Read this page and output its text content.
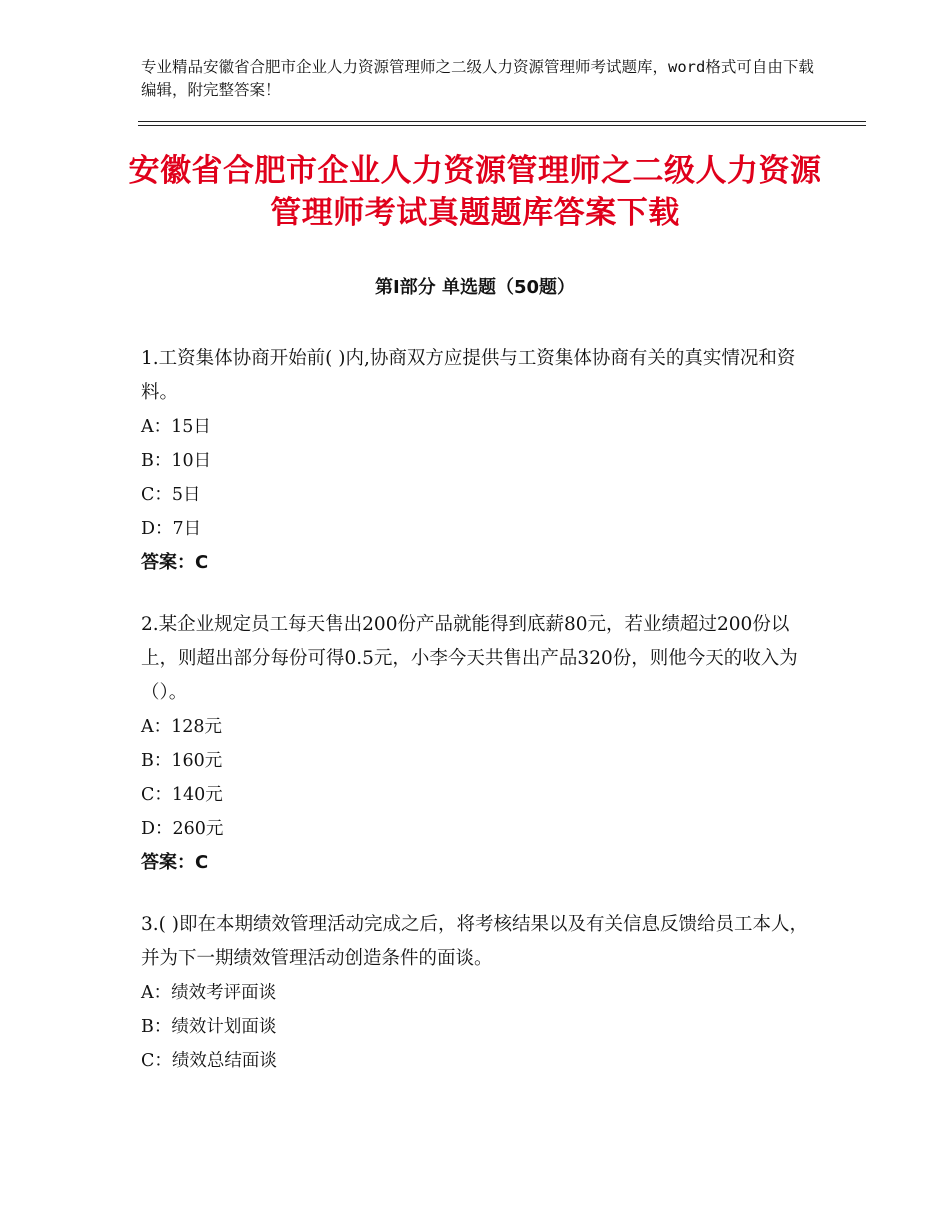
专业精品安徽省合肥市企业人力资源管理师之二级人力资源管理师考试题库，word格式可自由下载编辑，附完整答案！
安徽省合肥市企业人力资源管理师之二级人力资源管理师考试真题题库答案下载
第Ⅰ部分 单选题（50题）

1.工资集体协商开始前( )内,协商双方应提供与工资集体协商有关的真实情况和资料。

A：15日

B：10日

C：5日

D：7日

答案：C

2.某企业规定员工每天售出200份产品就能得到底薪80元，若业绩超过200份以上，则超出部分每份可得0.5元，小李今天共售出产品320份，则他今天的收入为（）。

A：128元

B：160元

C：140元

D：260元

答案：C

3.( )即在本期绩效管理活动完成之后，将考核结果以及有关信息反馈给员工本人，并为下一期绩效管理活动创造条件的面谈。

A：绩效考评面谈

B：绩效计划面谈

C：绩效总结面谈
